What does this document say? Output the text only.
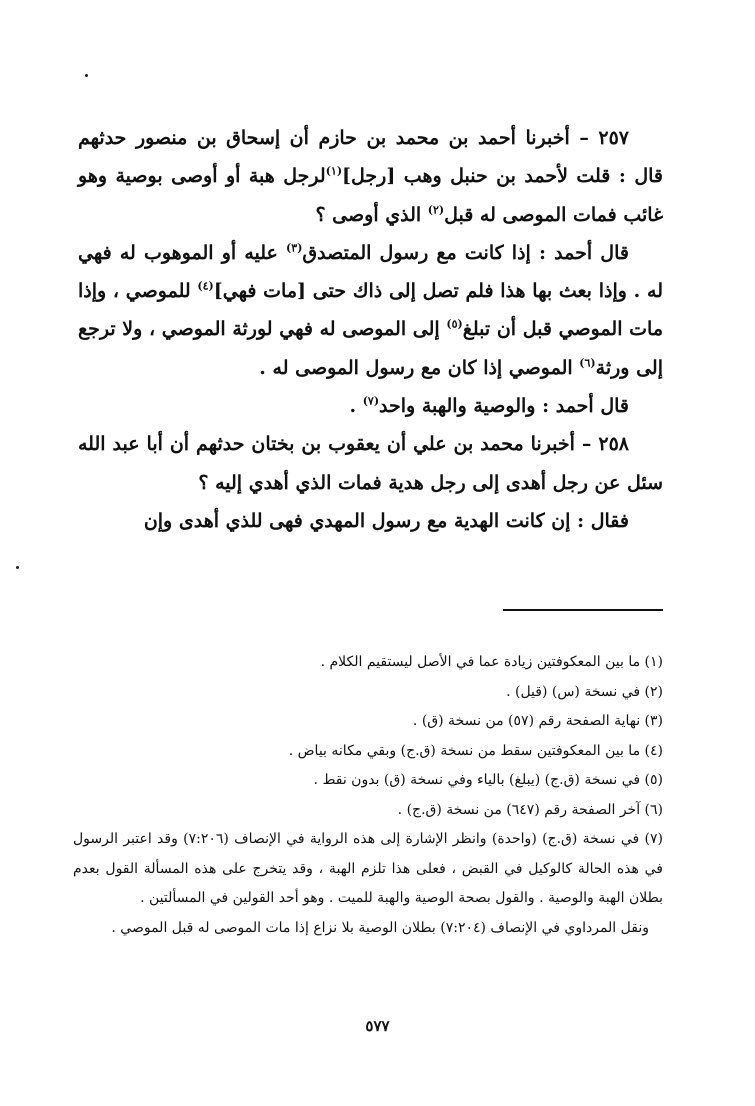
٢٥٧ – أخبرنا أحمد بن محمد بن حازم أن إسحاق بن منصور حدثهم قال : قلت لأحمد بن حنبل وهب [رجل]$^{(١)}$لرجل هبة أو أوصى بوصية وهو غائب فمات الموصى له قبل$^{(٢)}$ الذي أوصى ؟

قال أحمد : إذا كانت مع رسول المتصدق$^{(٣)}$ عليه أو الموهوب له فهي له . وإذا بعث بها هذا فلم تصل إلى ذاك حتى [مات فهي]$^{(٤)}$ للموصي ، وإذا مات الموصي قبل أن تبلغ$^{(٥)}$ إلى الموصى له فهي لورثة الموصي ، ولا ترجع إلى ورثة$^{(٦)}$ الموصي إذا كان مع رسول الموصى له .

قال أحمد : والوصية والهبة واحد$^{(٧)}$ .

٢٥٨ – أخبرنا محمد بن علي أن يعقوب بن بختان حدثهم أن أبا عبد الله سئل عن رجل أهدى إلى رجل هدية فمات الذي أهدي إليه ؟

فقال : إن كانت الهدية مع رسول المهدي فهى للذي أهدى وإن

(١) ما بين المعكوفتين زيادة عما في الأصل ليستقيم الكلام .

(٢) في نسخة (س) (قيل) .

(٣) نهاية الصفحة رقم (٥٧) من نسخة (ق) .

(٤) ما بين المعكوفتين سقط من نسخة (ق.ج) وبقي مكانه بياض .

(٥) في نسخة (ق.ج) (يبلغ) بالياء وفي نسخة (ق) بدون نقط .

(٦) آخر الصفحة رقم (٦٤٧) من نسخة (ق.ج) .

(٧) في نسخة (ق.ج) (واحدة) وانظر الإشارة إلى هذه الرواية في الإنصاف (٧:٢٠٦) وقد اعتبر الرسول في هذه الحالة كالوكيل في القبض ، فعلى هذا تلزم الهبة ، وقد يتخرج على هذه المسألة القول بعدم بطلان الهبة والوصية . والقول بصحة الوصية والهبة للميت . وهو أحد القولين في المسألتين .

ونقل المرداوي في الإنصاف (٧:٢٠٤) بطلان الوصية بلا نزاع إذا مات الموصى له قبل الموصي .

٥٧٧
